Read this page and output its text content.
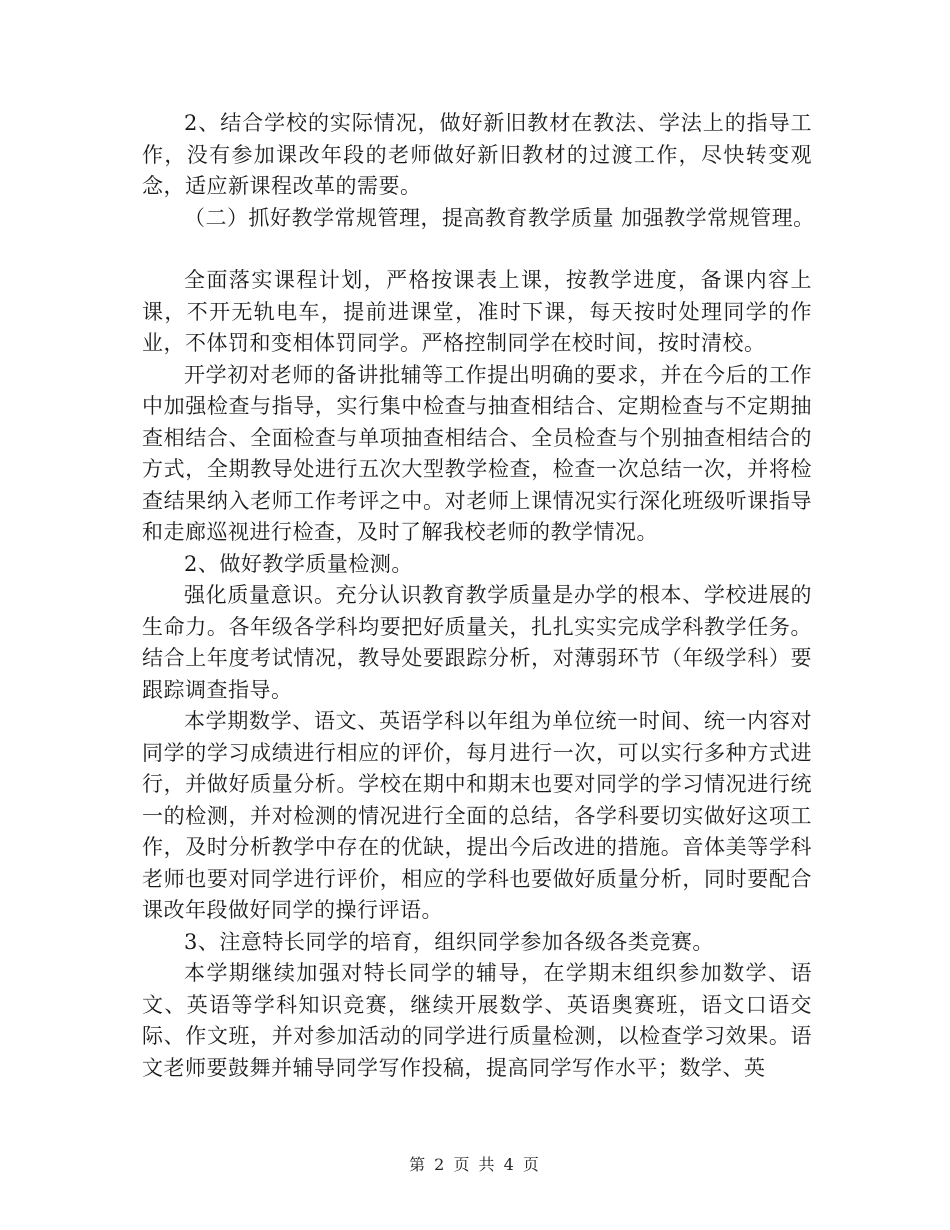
2、结合学校的实际情况，做好新旧教材在教法、学法上的指导工作，没有参加课改年段的老师做好新旧教材的过渡工作，尽快转变观念，适应新课程改革的需要。

（二）抓好教学常规管理，提高教育教学质量 加强教学常规管理。

全面落实课程计划，严格按课表上课，按教学进度，备课内容上课，不开无轨电车，提前进课堂，准时下课，每天按时处理同学的作业，不体罚和变相体罚同学。严格控制同学在校时间，按时清校。

开学初对老师的备讲批辅等工作提出明确的要求，并在今后的工作中加强检查与指导，实行集中检查与抽查相结合、定期检查与不定期抽查相结合、全面检查与单项抽查相结合、全员检查与个别抽查相结合的方式，全期教导处进行五次大型教学检查，检查一次总结一次，并将检查结果纳入老师工作考评之中。对老师上课情况实行深化班级听课指导和走廊巡视进行检查，及时了解我校老师的教学情况。

2、做好教学质量检测。

强化质量意识。充分认识教育教学质量是办学的根本、学校进展的生命力。各年级各学科均要把好质量关，扎扎实实完成学科教学任务。结合上年度考试情况，教导处要跟踪分析，对薄弱环节（年级学科）要跟踪调查指导。

本学期数学、语文、英语学科以年组为单位统一时间、统一内容对同学的学习成绩进行相应的评价，每月进行一次，可以实行多种方式进行，并做好质量分析。学校在期中和期末也要对同学的学习情况进行统一的检测，并对检测的情况进行全面的总结，各学科要切实做好这项工作，及时分析教学中存在的优缺，提出今后改进的措施。音体美等学科老师也要对同学进行评价，相应的学科也要做好质量分析，同时要配合课改年段做好同学的操行评语。

3、注意特长同学的培育，组织同学参加各级各类竞赛。

本学期继续加强对特长同学的辅导，在学期末组织参加数学、语文、英语等学科知识竞赛，继续开展数学、英语奥赛班，语文口语交际、作文班，并对参加活动的同学进行质量检测，以检查学习效果。语文老师要鼓舞并辅导同学写作投稿，提高同学写作水平；数学、英

第 2 页 共 4 页
